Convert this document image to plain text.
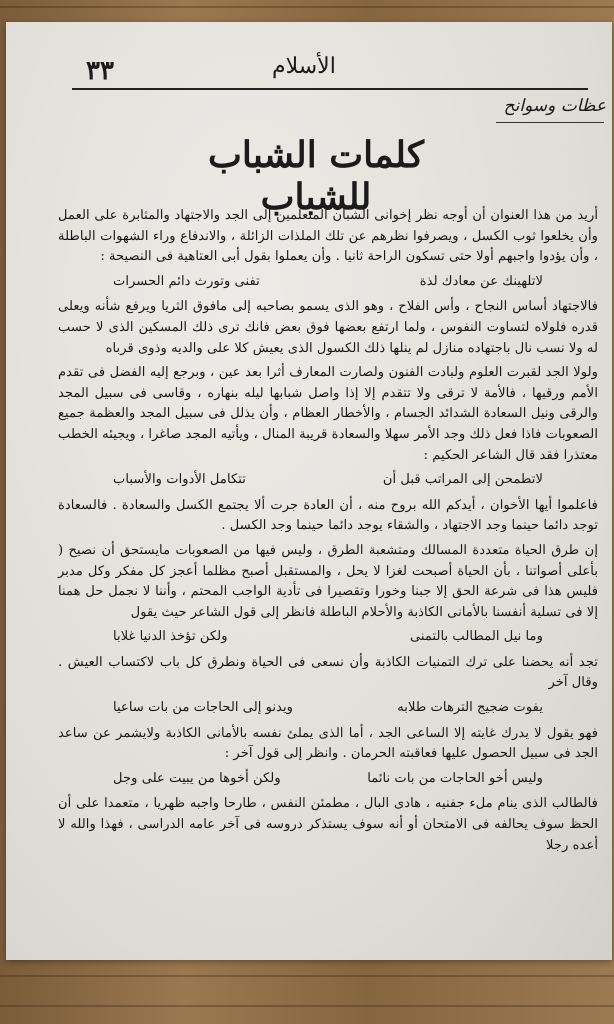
٣٣	الأسلام
عظات وسوانح
كلمات الشباب للشباب

أريد من هذا العنوان أن أوجه نظر إخوانى الشبان المتعلمين إلى الجد والاجتهاد والمثابرة على العمل وأن يخلعوا ثوب الكسل ، ويصرفوا نظرهم عن تلك الملذات الزائلة ، والاندفاع وراء الشهوات الباطلة ، وأن يؤدوا واجبهم أولا حتى تسكون الراحة ثانيا . وأن يعملوا بقول أبى العتاهية فى النصيحة :

لاتلهينك عن معادك لذة
تفنى وتورث دائم الحسرات

فالاجتهاد أساس النجاح ، وأس الفلاح ، وهو الذى يسمو بصاحبه إلى مافوق الثريا ويرفع شأنه ويعلى قدره فلولاه لتساوت النفوس ، ولما ارتفع بعضها فوق بعض فانك ترى ذلك المسكين الذى لا حسب له ولا نسب نال باجتهاده منازل لم ينلها ذلك الكسول الذى يعيش كلا على والديه وذوى قرباه

ولولا الجد لقبرت العلوم ولبادت الفنون ولصارت المعارف أثرا بعد عين ، وبرجع إليه الفضل فى تقدم الأمم ورقيها ، فالأمة لا ترقى ولا تتقدم إلا إذا واصل شبابها ليله بنهاره ، وقاسى فى سبيل المجد والرقى ونيل السعادة الشدائد الجسام ، والأخطار العظام ، وأن يذلل فى سبيل المجد والعظمة جميع الصعوبات فاذا فعل ذلك وجد الأمر سهلا والسعادة قريبة المنال ، ويأتيه المجد صاغرا ، ويجيئه الخطب معتذرا فقد قال الشاعر الحكيم :

لاتطمحن إلى المراتب قبل أن
تتكامل الأدوات والأسباب

فاعلموا أيها الأخوان ، أيدكم الله بروح منه ، أن العادة جرت ألا يجتمع الكسل والسعادة . فالسعادة توجد دائما حينما وجد الاجتهاد ، والشقاء يوجد دائما حينما وجد الكسل .

إن طرق الحياة متعددة المسالك ومتشعبة الطرق ، وليس فيها من الصعوبات مايستحق أن نصيح ( بأعلى أصواتنا ، بأن الحياة أصبحت لغزا لا يحل ، والمستقبل أصبح مظلما أعجز كل مفكر وكل مدبر فليس هذا فى شرعة الحق إلا جبنا وخورا وتقصيرا فى تأدية الواجب المحتم ، وأننا لا نجمل حل همنا إلا فى تسلية أنفسنا بالأمانى الكاذبة والأحلام الباطلة فانظر إلى قول الشاعر حيث يقول

وما نيل المطالب بالتمنى
ولكن تؤخذ الدنيا غلابا

تجد أنه يحضنا على ترك التمنيات الكاذبة وأن نسعى فى الحياة ونطرق كل باب لاكتساب العيش . وقال آخر

يفوت ضجيج الترهات طلابه
ويدنو إلى الحاجات من بات ساعيا

فهو يقول لا يدرك غايته إلا الساعى الجد ، أما الذى يملئ نفسه بالأمانى الكاذبة ولايشمر عن ساعد الجد فى سبيل الحصول عليها فعاقبته الحرمان . وانظر إلى قول آخر :

وليس أخو الحاجات من بات نائما
ولكن أخوها من يبيت على وجل

فالطالب الذى ينام ملء جفنيه ، هادى البال ، مطمئن النفس ، طارحا واجبه ظهريا ، متعمدا على أن الحظ سوف يحالفه فى الامتحان أو أنه سوف يستذكر دروسه فى آخر عامه الدراسى ، فهذا والله لا أعده رجلا
